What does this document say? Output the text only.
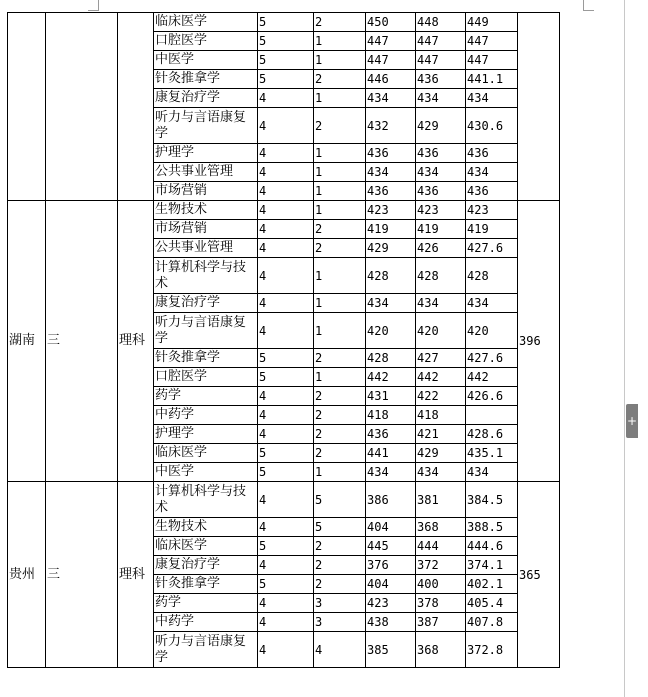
			临床医学	5	2	450	448	449	
			口腔医学	5	1	447	447	447	
			中医学	5	1	447	447	447	
			针灸推拿学	5	2	446	436	441.1	
			康复治疗学	4	1	434	434	434	
			听力与言语康复学	4	2	432	429	430.6	
			护理学	4	1	436	436	436	
			公共事业管理	4	1	434	434	434	
			市场营销	4	1	436	436	436	
湖南	三	理科	生物技术	4	1	423	423	423	396
			市场营销	4	2	419	419	419	
			公共事业管理	4	2	429	426	427.6	
			计算机科学与技术	4	1	428	428	428	
			康复治疗学	4	1	434	434	434	
			听力与言语康复学	4	1	420	420	420	
			针灸推拿学	5	2	428	427	427.6	
			口腔医学	5	1	442	442	442	
			药学	4	2	431	422	426.6	
			中药学	4	2	418	418		
			护理学	4	2	436	421	428.6	
			临床医学	5	2	441	429	435.1	
			中医学	5	1	434	434	434	
贵州	三	理科	计算机科学与技术	4	5	386	381	384.5	365
			生物技术	4	5	404	368	388.5	
			临床医学	5	2	445	444	444.6	
			康复治疗学	4	2	376	372	374.1	
			针灸推拿学	5	2	404	400	402.1	
			药学	4	3	423	378	405.4	
			中药学	4	3	438	387	407.8	
			听力与言语康复学	4	4	385	368	372.8	
+
